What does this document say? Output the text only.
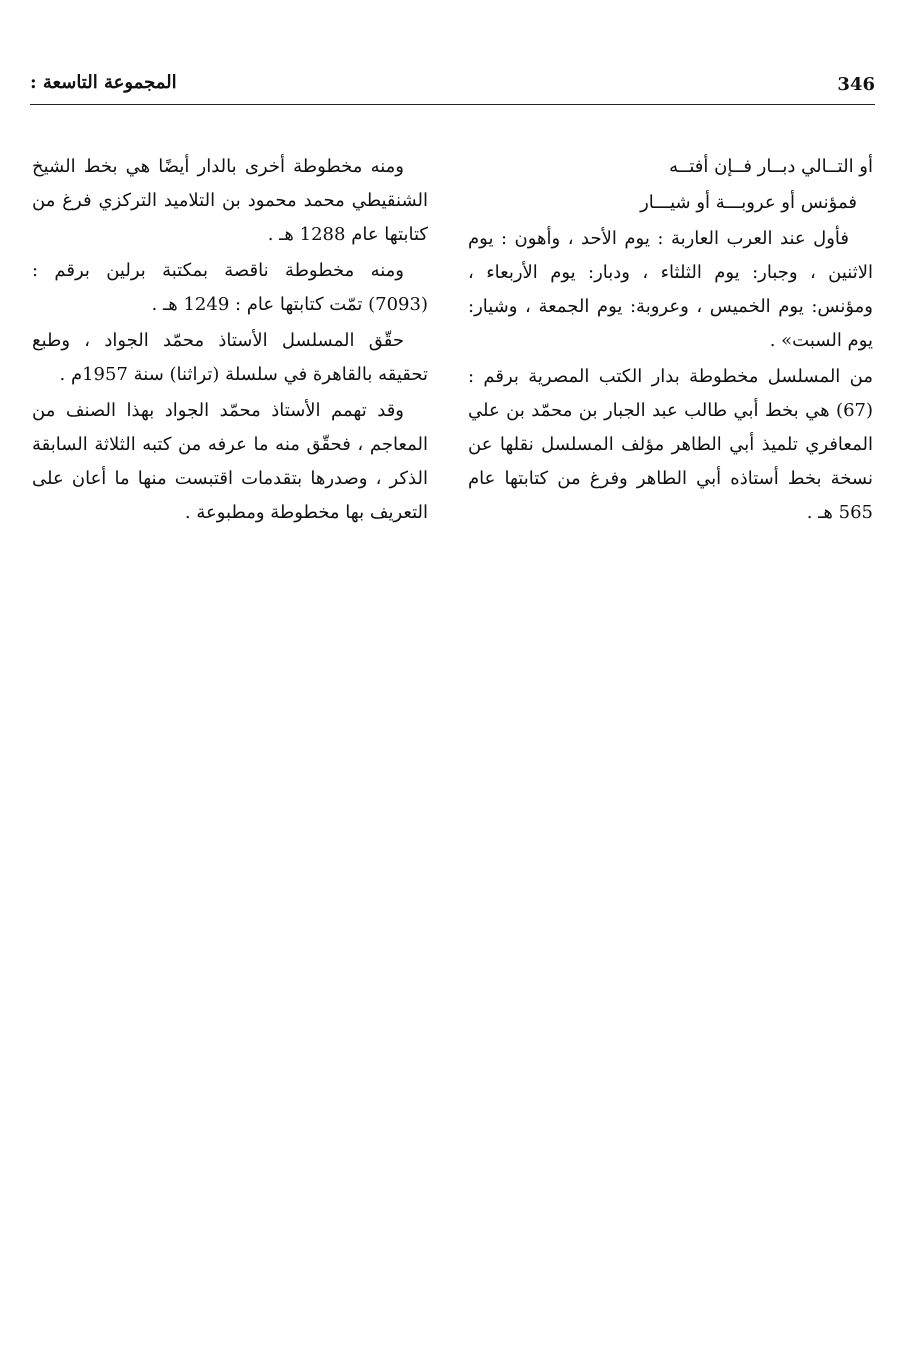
346
المجموعة التاسعة :

أو التــالي دبــار فــإن أفتــه

فمؤنس أو عروبـــة أو شيـــار

فأول عند العرب العاربة : يوم الأحد ، وأهون : يوم الاثنين ، وجبار: يوم الثلثاء ، ودبار: يوم الأربعاء ، ومؤنس: يوم الخميس ، وعروبة: يوم الجمعة ، وشيار: يوم السبت» .

من المسلسل مخطوطة بدار الكتب المصرية برقم : (67) هي بخط أبي طالب عبد الجبار بن محمّد بن علي المعافري تلميذ أبي الطاهر مؤلف المسلسل نقلها عن نسخة بخط أستاذه أبي الطاهر وفرغ من كتابتها عام 565 هـ .

ومنه مخطوطة أخرى بالدار أيضًا هي بخط الشيخ الشنقيطي محمد محمود بن التلاميد التركزي فرغ من كتابتها عام 1288 هـ .

ومنه مخطوطة ناقصة بمكتبة برلين برقم : (7093) تمّت كتابتها عام : 1249 هـ .

حقّق المسلسل الأستاذ محمّد الجواد ، وطبع تحقيقه بالقاهرة في سلسلة (تراثنا) سنة 1957م .

وقد تهمم الأستاذ محمّد الجواد بهذا الصنف من المعاجم ، فحقّق منه ما عرفه من كتبه الثلاثة السابقة الذكر ، وصدرها بتقدمات اقتبست منها ما أعان على التعريف بها مخطوطة ومطبوعة .
